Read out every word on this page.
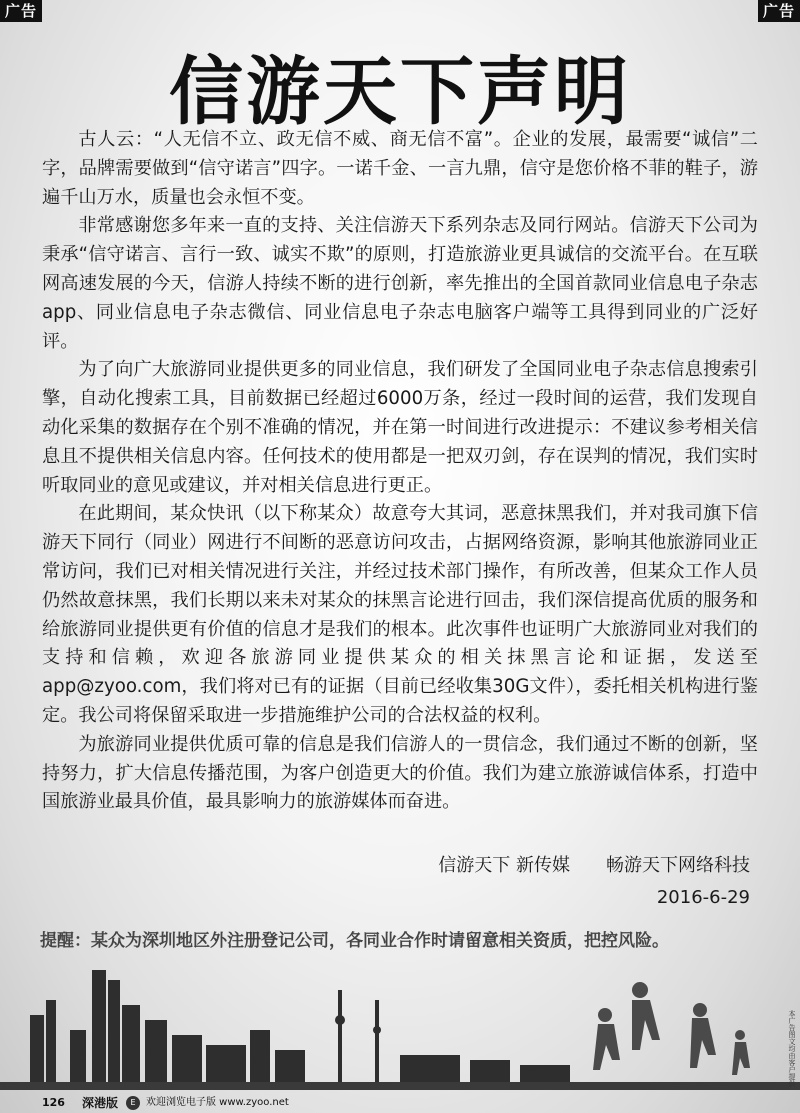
广告	广告
信游天下声明

古人云：“人无信不立、政无信不威、商无信不富”。企业的发展，最需要“诚信”二字，品牌需要做到“信守诺言”四字。一诺千金、一言九鼎，信守是您价格不菲的鞋子，游遍千山万水，质量也会永恒不变。

非常感谢您多年来一直的支持、关注信游天下系列杂志及同行网站。信游天下公司为秉承“信守诺言、言行一致、诚实不欺”的原则，打造旅游业更具诚信的交流平台。在互联网高速发展的今天，信游人持续不断的进行创新，率先推出的全国首款同业信息电子杂志app、同业信息电子杂志微信、同业信息电子杂志电脑客户端等工具得到同业的广泛好评。

为了向广大旅游同业提供更多的同业信息，我们研发了全国同业电子杂志信息搜索引擎，自动化搜索工具，目前数据已经超过6000万条，经过一段时间的运营，我们发现自动化采集的数据存在个别不准确的情况，并在第一时间进行改进提示：不建议参考相关信息且不提供相关信息内容。任何技术的使用都是一把双刃剑，存在误判的情况，我们实时听取同业的意见或建议，并对相关信息进行更正。

在此期间，某众快讯（以下称某众）故意夸大其词，恶意抹黑我们，并对我司旗下信游天下同行（同业）网进行不间断的恶意访问攻击，占据网络资源，影响其他旅游同业正常访问，我们已对相关情况进行关注，并经过技术部门操作，有所改善，但某众工作人员仍然故意抹黑，我们长期以来未对某众的抹黑言论进行回击，我们深信提高优质的服务和给旅游同业提供更有价值的信息才是我们的根本。此次事件也证明广大旅游同业对我们的支持和信赖，欢迎各旅游同业提供某众的相关抹黑言论和证据，发送至app@zyoo.com，我们将对已有的证据（目前已经收集30G文件），委托相关机构进行鉴定。我公司将保留采取进一步措施维护公司的合法权益的权利。

为旅游同业提供优质可靠的信息是我们信游人的一贯信念，我们通过不断的创新，坚持努力，扩大信息传播范围，为客户创造更大的价值。我们为建立旅游诚信体系，打造中国旅游业最具价值，最具影响力的旅游媒体而奋进。

信游天下 新传媒 畅游天下网络科技
2016-6-29
提醒：某众为深圳地区外注册登记公司，各同业合作时请留意相关资质，把控风险。
本广告图文均由客户提供
126 深港版	E	欢迎浏览电子版 www.zyoo.net
